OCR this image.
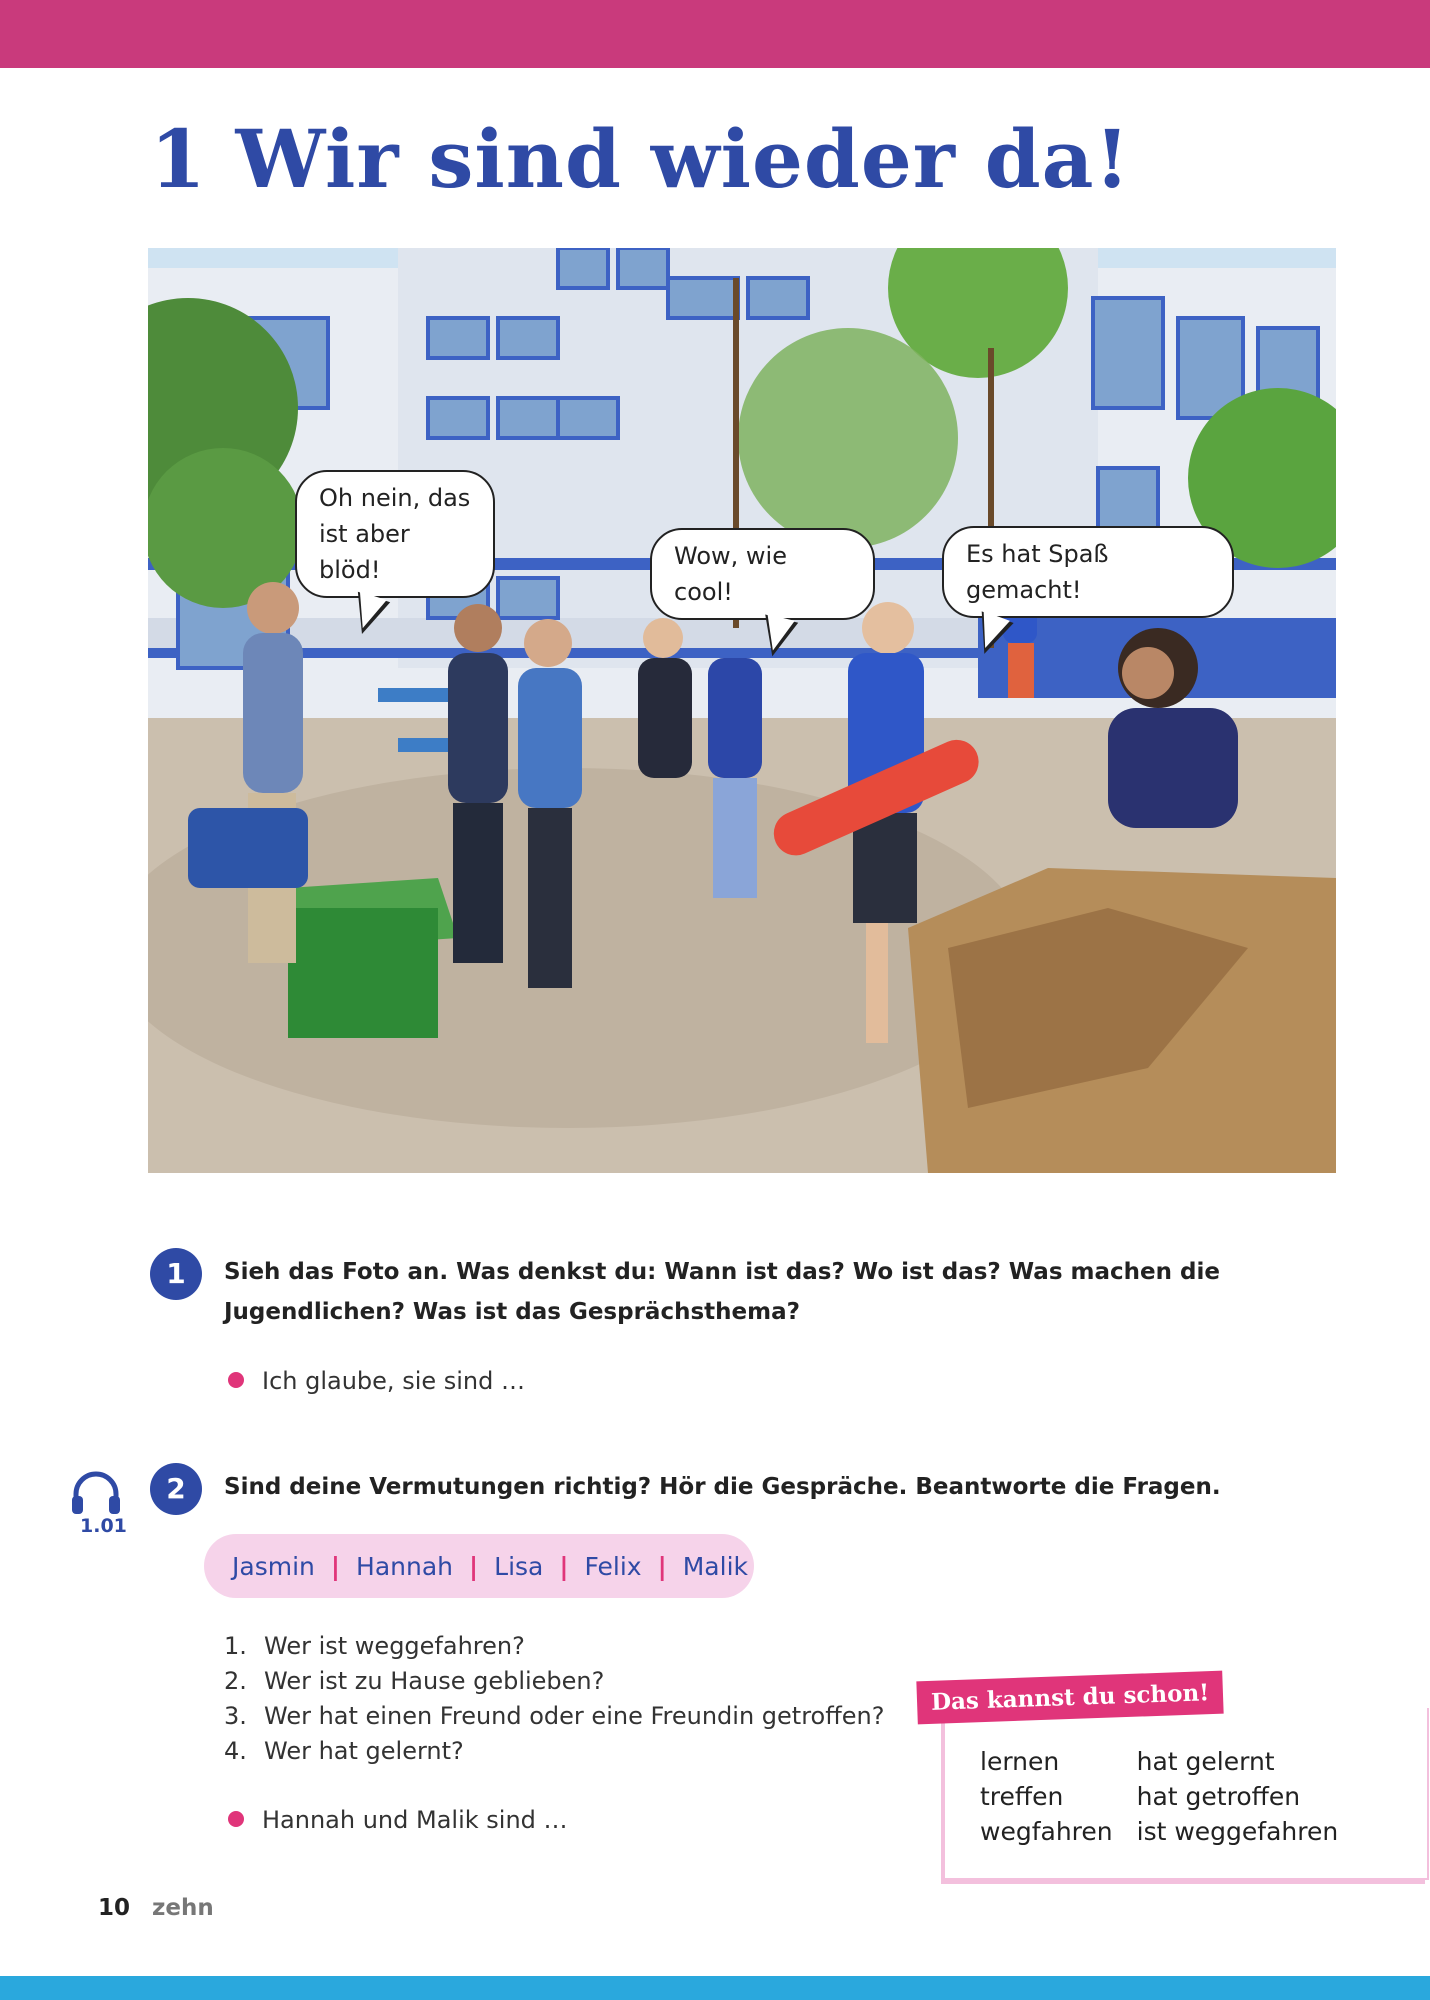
1 Wir sind wieder da!
Oh nein, das ist aber blöd!	Wow, wie cool!
Es hat Spaß gemacht!
1	Sieh das Foto an. Was denkst du: Wann ist das? Wo ist das? Was machen die Jugendlichen? Was ist das Gesprächsthema?
Ich glaube, sie sind …
1.01
2	Sind deine Vermutungen richtig? Hör die Gespräche. Beantworte die Fragen.
Jasmin | Hannah | Lisa | Felix | Malik
1. Wer ist weggefahren?
2. Wer ist zu Hause geblieben?
3. Wer hat einen Freund oder eine Freundin getroffen?
4. Wer hat gelernt?
Hannah und Malik sind …
Das kannst du schon!
lernen	hat gelernt
treffen	hat getroffen
wegfahren	ist weggefahren
10 zehn
